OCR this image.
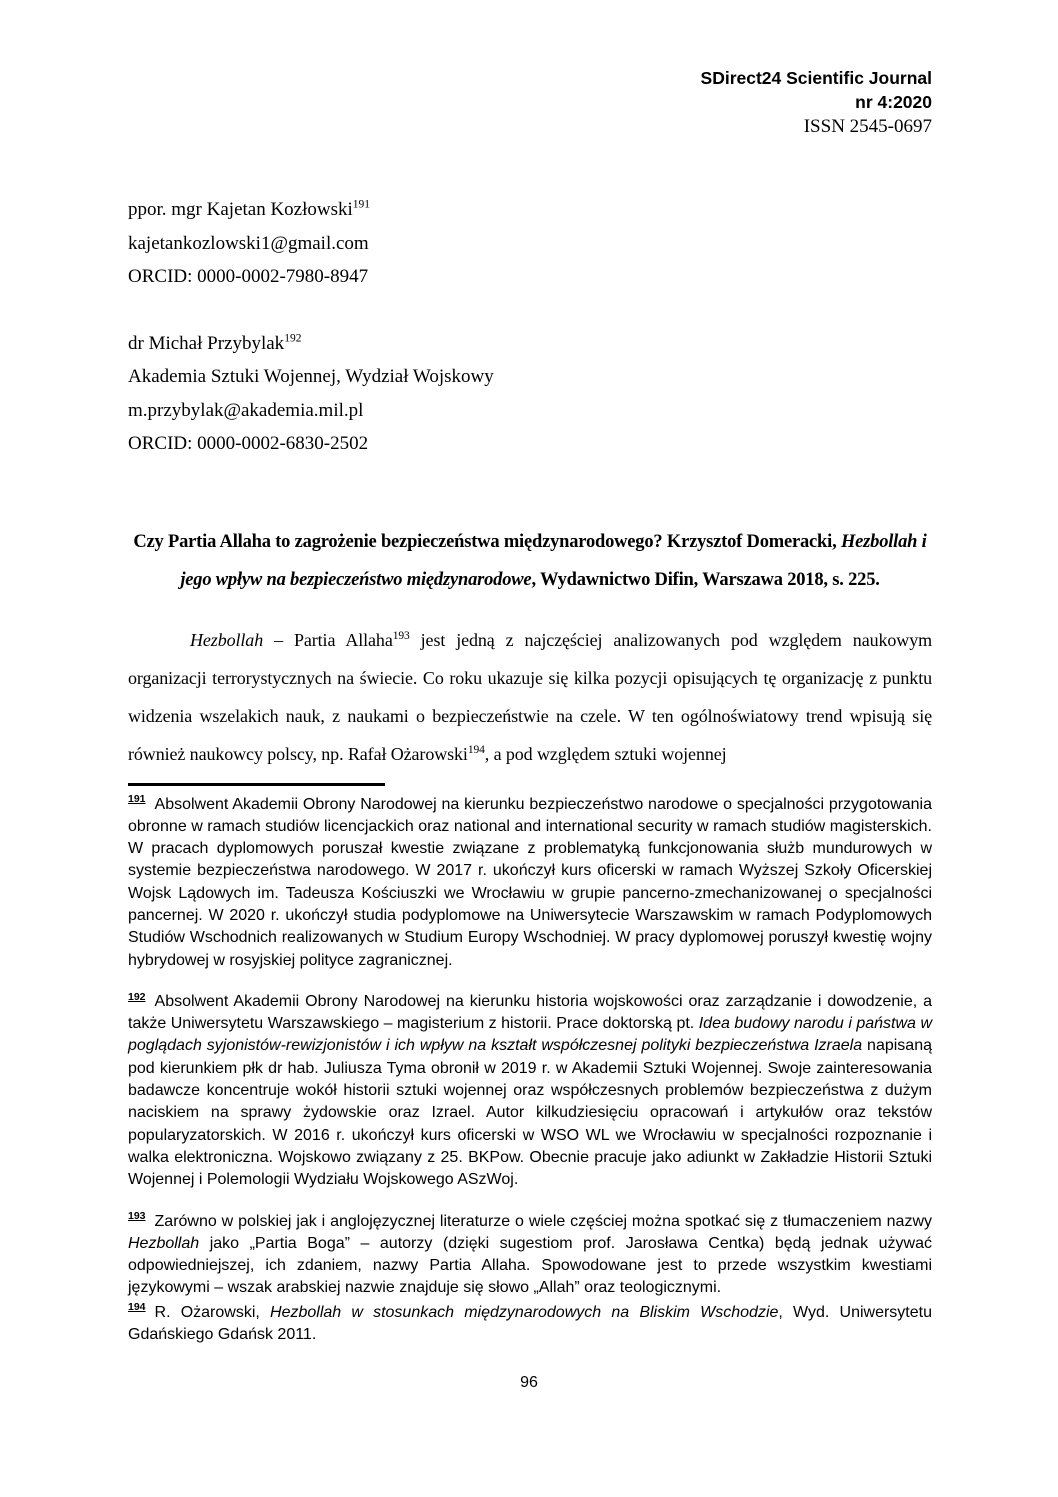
SDirect24 Scientific Journal
nr 4:2020
ISSN 2545-0697

ppor. mgr Kajetan Kozłowski$^{191}$

kajetankozlowski1@gmail.com

ORCID: 0000-0002-7980-8947

dr Michał Przybylak$^{192}$

Akademia Sztuki Wojennej, Wydział Wojskowy

m.przybylak@akademia.mil.pl

ORCID: 0000-0002-6830-2502

Czy Partia Allaha to zagrożenie bezpieczeństwa międzynarodowego? Krzysztof Domeracki, Hezbollah i jego wpływ na bezpieczeństwo międzynarodowe, Wydawnictwo Difin, Warszawa 2018, s. 225.

Hezbollah – Partia Allaha$^{193}$ jest jedną z najczęściej analizowanych pod względem naukowym organizacji terrorystycznych na świecie. Co roku ukazuje się kilka pozycji opisujących tę organizację z punktu widzenia wszelakich nauk, z naukami o bezpieczeństwie na czele. W ten ogólnoświatowy trend wpisują się również naukowcy polscy, np. Rafał Ożarowski$^{194}$, a pod względem sztuki wojennej

$^{191}$ Absolwent Akademii Obrony Narodowej na kierunku bezpieczeństwo narodowe o specjalności przygotowania obronne w ramach studiów licencjackich oraz national and international security w ramach studiów magisterskich. W pracach dyplomowych poruszał kwestie związane z problematyką funkcjonowania służb mundurowych w systemie bezpieczeństwa narodowego. W 2017 r. ukończył kurs oficerski w ramach Wyższej Szkoły Oficerskiej Wojsk Lądowych im. Tadeusza Kościuszki we Wrocławiu w grupie pancerno-zmechanizowanej o specjalności pancernej. W 2020 r. ukończył studia podyplomowe na Uniwersytecie Warszawskim w ramach Podyplomowych Studiów Wschodnich realizowanych w Studium Europy Wschodniej. W pracy dyplomowej poruszył kwestię wojny hybrydowej w rosyjskiej polityce zagranicznej.

$^{192}$ Absolwent Akademii Obrony Narodowej na kierunku historia wojskowości oraz zarządzanie i dowodzenie, a także Uniwersytetu Warszawskiego – magisterium z historii. Prace doktorską pt. Idea budowy narodu i państwa w poglądach syjonistów-rewizjonistów i ich wpływ na kształt współczesnej polityki bezpieczeństwa Izraela napisaną pod kierunkiem płk dr hab. Juliusza Tyma obronił w 2019 r. w Akademii Sztuki Wojennej. Swoje zainteresowania badawcze koncentruje wokół historii sztuki wojennej oraz współczesnych problemów bezpieczeństwa z dużym naciskiem na sprawy żydowskie oraz Izrael. Autor kilkudziesięciu opracowań i artykułów oraz tekstów popularyzatorskich. W 2016 r. ukończył kurs oficerski w WSO WL we Wrocławiu w specjalności rozpoznanie i walka elektroniczna. Wojskowo związany z 25. BKPow. Obecnie pracuje jako adiunkt w Zakładzie Historii Sztuki Wojennej i Polemologii Wydziału Wojskowego ASzWoj.

$^{193}$ Zarówno w polskiej jak i anglojęzycznej literaturze o wiele częściej można spotkać się z tłumaczeniem nazwy Hezbollah jako „Partia Boga” – autorzy (dzięki sugestiom prof. Jarosława Centka) będą jednak używać odpowiedniejszej, ich zdaniem, nazwy Partia Allaha. Spowodowane jest to przede wszystkim kwestiami językowymi – wszak arabskiej nazwie znajduje się słowo „Allah” oraz teologicznymi.

$^{194}$ R. Ożarowski, Hezbollah w stosunkach międzynarodowych na Bliskim Wschodzie, Wyd. Uniwersytetu Gdańskiego Gdańsk 2011.

96
